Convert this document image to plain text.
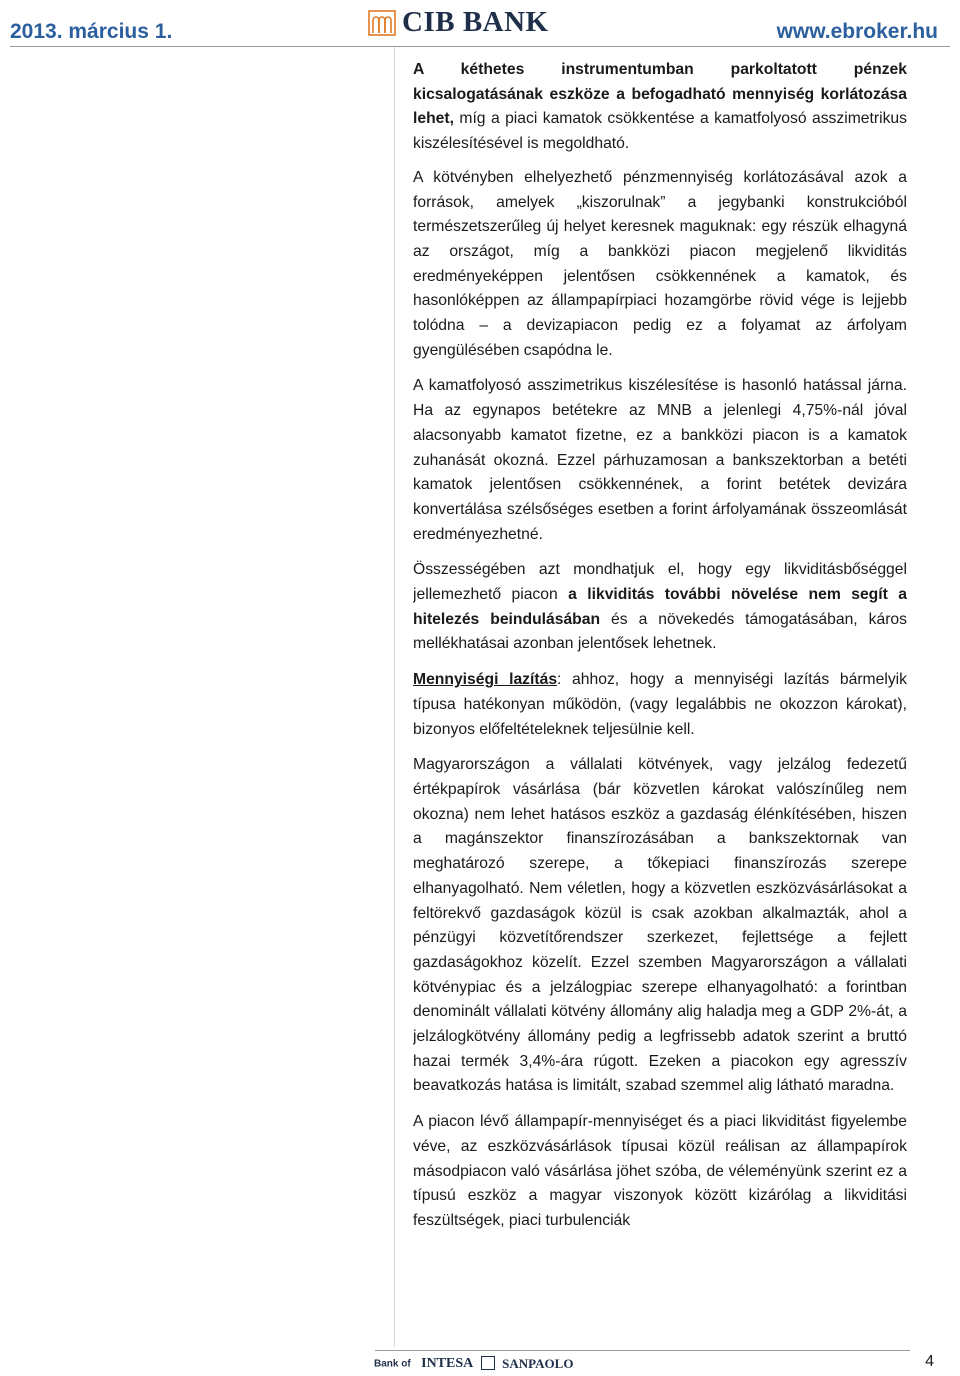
2013. március 1.	CIB BANK	www.ebroker.hu

A kéthetes instrumentumban parkoltatott pénzek kicsalogatásának eszköze a befogadható mennyiség korlátozása lehet, míg a piaci kamatok csökkentése a kamatfolyosó asszimetrikus kiszélesítésével is megoldható.

A kötvényben elhelyezhető pénzmennyiség korlátozásával azok a források, amelyek „kiszorulnak” a jegybanki konstrukcióból természetszerűleg új helyet keresnek maguknak: egy részük elhagyná az országot, míg a bankközi piacon megjelenő likviditás eredményeképpen jelentősen csökkennének a kamatok, és hasonlóképpen az állampapírpiaci hozamgörbe rövid vége is lejjebb tolódna – a devizapiacon pedig ez a folyamat az árfolyam gyengülésében csapódna le.

A kamatfolyosó asszimetrikus kiszélesítése is hasonló hatással járna. Ha az egynapos betétekre az MNB a jelenlegi 4,75%-nál jóval alacsonyabb kamatot fizetne, ez a bankközi piacon is a kamatok zuhanását okozná. Ezzel párhuzamosan a bankszektorban a betéti kamatok jelentősen csökkennének, a forint betétek devizára konvertálása szélsőséges esetben a forint árfolyamának összeomlását eredményezhetné.

Összességében azt mondhatjuk el, hogy egy likviditásbőséggel jellemezhető piacon a likviditás további növelése nem segít a hitelezés beindulásában és a növekedés támogatásában, káros mellékhatásai azonban jelentősek lehetnek.

Mennyiségi lazítás: ahhoz, hogy a mennyiségi lazítás bármelyik típusa hatékonyan működön, (vagy legalábbis ne okozzon károkat), bizonyos előfeltételeknek teljesülnie kell.

Magyarországon a vállalati kötvények, vagy jelzálog fedezetű értékpapírok vásárlása (bár közvetlen károkat valószínűleg nem okozna) nem lehet hatásos eszköz a gazdaság élénkítésében, hiszen a magánszektor finanszírozásában a bankszektornak van meghatározó szerepe, a tőkepiaci finanszírozás szerepe elhanyagolható. Nem véletlen, hogy a közvetlen eszközvásárlásokat a feltörekvő gazdaságok közül is csak azokban alkalmazták, ahol a pénzügyi közvetítőrendszer szerkezet, fejlettsége a fejlett gazdaságokhoz közelít. Ezzel szemben Magyarországon a vállalati kötvénypiac és a jelzálogpiac szerepe elhanyagolható: a forintban denominált vállalati kötvény állomány alig haladja meg a GDP 2%-át, a jelzálogkötvény állomány pedig a legfrissebb adatok szerint a bruttó hazai termék 3,4%-ára rúgott. Ezeken a piacokon egy agresszív beavatkozás hatása is limitált, szabad szemmel alig látható maradna.

A piacon lévő állampapír-mennyiséget és a piaci likviditást figyelembe véve, az eszközvásárlások típusai közül reálisan az állampapírok másodpiacon való vásárlása jöhet szóba, de véleményünk szerint ez a típusú eszköz a magyar viszonyok között kizárólag a likviditási feszültségek, piaci turbulenciák

Bank of INTESA SANPAOLO	4
